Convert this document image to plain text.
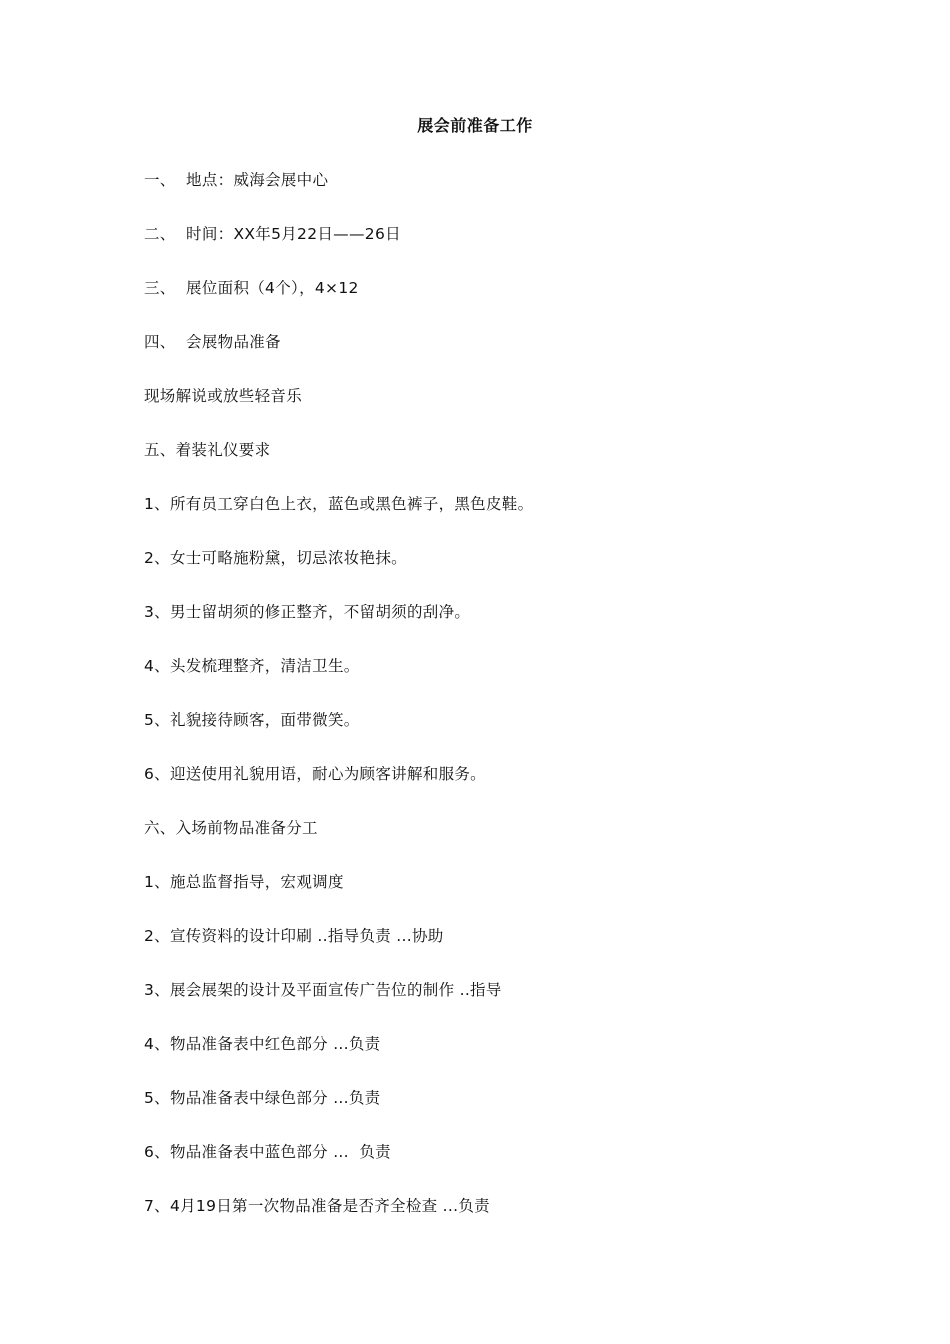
展会前准备工作
一、  地点：威海会展中心
二、  时间：XX年5月22日——26日
三、  展位面积（4个），4×12
四、  会展物品准备
现场解说或放些轻音乐
五、着装礼仪要求
1、所有员工穿白色上衣，蓝色或黑色裤子，黑色皮鞋。
2、女士可略施粉黛，切忌浓妆艳抹。
3、男士留胡须的修正整齐，不留胡须的刮净。
4、头发梳理整齐，清洁卫生。
5、礼貌接待顾客，面带微笑。
6、迎送使用礼貌用语，耐心为顾客讲解和服务。
六、入场前物品准备分工
1、施总监督指导，宏观调度
2、宣传资料的设计印刷 ..指导负责 ...协助
3、展会展架的设计及平面宣传广告位的制作 ..指导
4、物品准备表中红色部分 ...负责
5、物品准备表中绿色部分 ...负责
6、物品准备表中蓝色部分 ...  负责
7、4月19日第一次物品准备是否齐全检查 ...负责
